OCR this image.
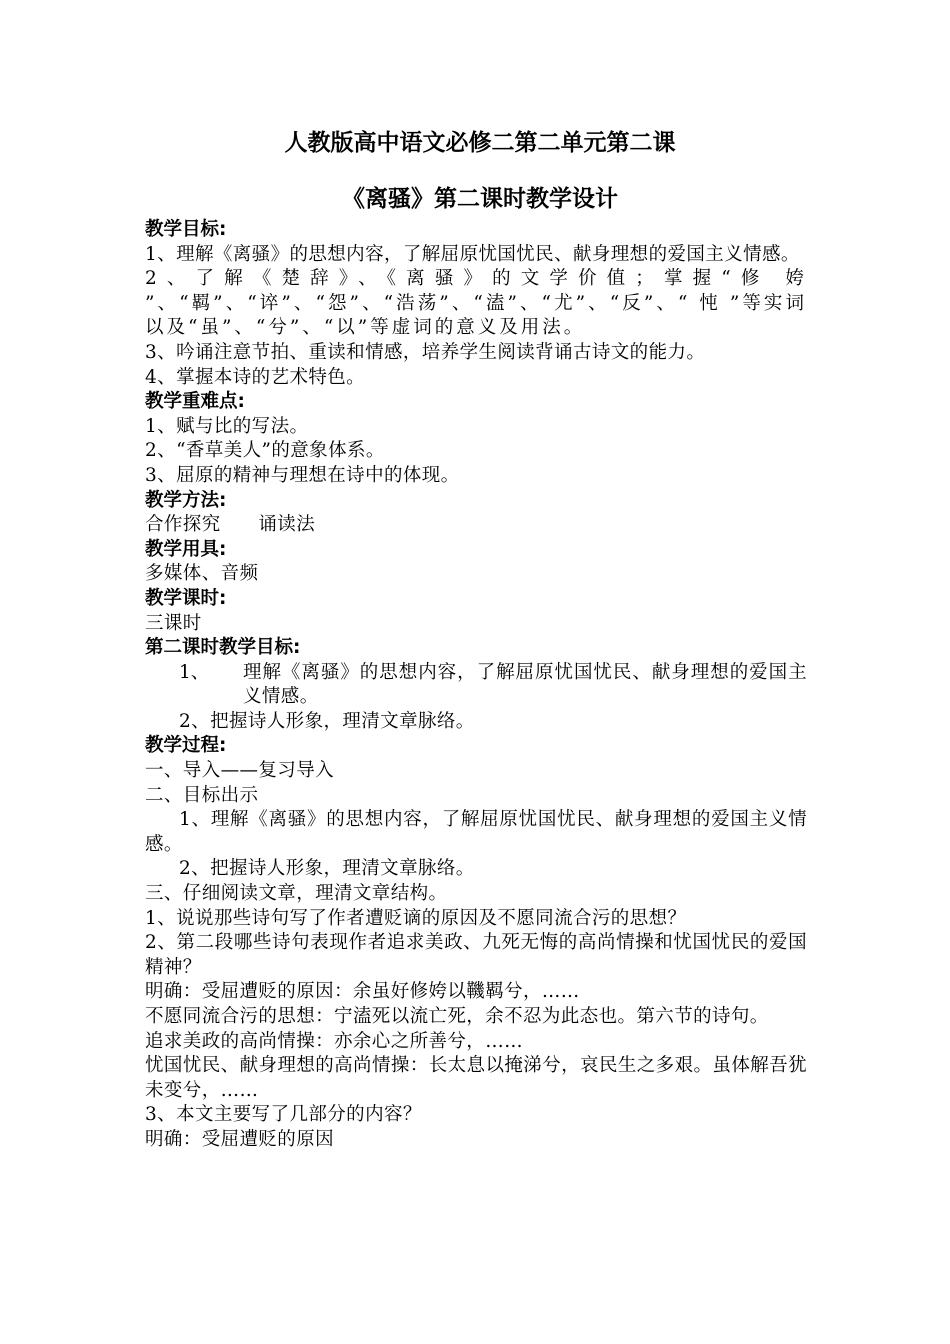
人教版高中语文必修二第二单元第二课
《离骚》第二课时教学设计
教学目标:
1、理解《离骚》的思想内容，了解屈原忧国忧民、献身理想的爱国主义情感。
2、了解《楚辞》、《离骚》的文学价值；掌握“修 姱 ”、“羁”、“谇”、“怨”、“浩荡”、“溘”、“尤”、“反”、“ 忳 ”等实词以及“虽”、“兮”、“以”等虚词的意义及用法。
3、吟诵注意节拍、重读和情感，培养学生阅读背诵古诗文的能力。
4、掌握本诗的艺术特色。
教学重难点:
1、赋与比的写法。
2、“香草美人”的意象体系。
3、屈原的精神与理想在诗中的体现。
教学方法:
合作探究　　诵读法
教学用具:
多媒体、音频
教学课时:
三课时
第二课时教学目标:
1、	理解《离骚》的思想内容，了解屈原忧国忧民、献身理想的爱国主义情感。
2、把握诗人形象，理清文章脉络。
教学过程:
一、导入——复习导入
二、目标出示
1、理解《离骚》的思想内容，了解屈原忧国忧民、献身理想的爱国主义情感。
2、把握诗人形象，理清文章脉络。
三、仔细阅读文章，理清文章结构。
1、说说那些诗句写了作者遭贬谪的原因及不愿同流合污的思想？
2、第二段哪些诗句表现作者追求美政、九死无悔的高尚情操和忧国忧民的爱国精神？
明确：受屈遭贬的原因：余虽好修姱以鞿羁兮，……
不愿同流合污的思想：宁溘死以流亡死，余不忍为此态也。第六节的诗句。
追求美政的高尚情操：亦余心之所善兮，……
忧国忧民、献身理想的高尚情操：长太息以掩涕兮，哀民生之多艰。虽体解吾犹未变兮，……
3、本文主要写了几部分的内容？
明确：受屈遭贬的原因
